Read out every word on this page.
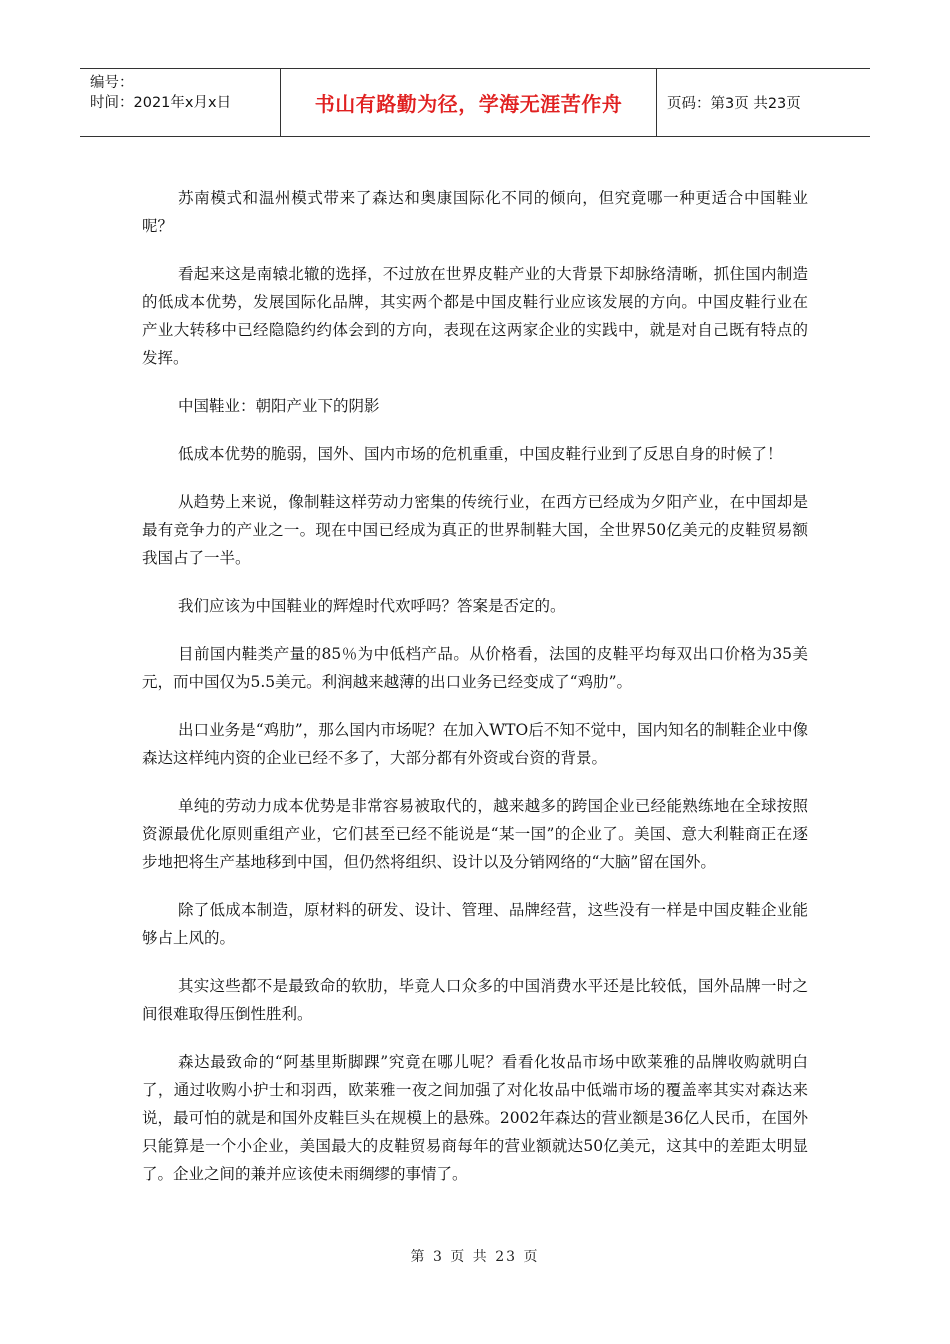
编号：
时间：2021年x月x日	书山有路勤为径，学海无涯苦作舟	页码：第3页 共23页

苏南模式和温州模式带来了森达和奥康国际化不同的倾向，但究竟哪一种更适合中国鞋业呢？

看起来这是南辕北辙的选择，不过放在世界皮鞋产业的大背景下却脉络清晰，抓住国内制造的低成本优势，发展国际化品牌，其实两个都是中国皮鞋行业应该发展的方向。中国皮鞋行业在产业大转移中已经隐隐约约体会到的方向，表现在这两家企业的实践中，就是对自己既有特点的发挥。

中国鞋业：朝阳产业下的阴影

低成本优势的脆弱，国外、国内市场的危机重重，中国皮鞋行业到了反思自身的时候了！

从趋势上来说，像制鞋这样劳动力密集的传统行业，在西方已经成为夕阳产业，在中国却是最有竞争力的产业之一。现在中国已经成为真正的世界制鞋大国，全世界50亿美元的皮鞋贸易额我国占了一半。

我们应该为中国鞋业的辉煌时代欢呼吗？答案是否定的。

目前国内鞋类产量的85％为中低档产品。从价格看，法国的皮鞋平均每双出口价格为35美元，而中国仅为5.5美元。利润越来越薄的出口业务已经变成了“鸡肋”。

出口业务是“鸡肋”，那么国内市场呢？在加入WTO后不知不觉中，国内知名的制鞋企业中像森达这样纯内资的企业已经不多了，大部分都有外资或台资的背景。

单纯的劳动力成本优势是非常容易被取代的，越来越多的跨国企业已经能熟练地在全球按照资源最优化原则重组产业，它们甚至已经不能说是“某一国”的企业了。美国、意大利鞋商正在逐步地把将生产基地移到中国，但仍然将组织、设计以及分销网络的“大脑”留在国外。

除了低成本制造，原材料的研发、设计、管理、品牌经营，这些没有一样是中国皮鞋企业能够占上风的。

其实这些都不是最致命的软肋，毕竟人口众多的中国消费水平还是比较低，国外品牌一时之间很难取得压倒性胜利。

森达最致命的“阿基里斯脚踝”究竟在哪儿呢？看看化妆品市场中欧莱雅的品牌收购就明白了，通过收购小护士和羽西，欧莱雅一夜之间加强了对化妆品中低端市场的覆盖率其实对森达来说，最可怕的就是和国外皮鞋巨头在规模上的悬殊。2002年森达的营业额是36亿人民币，在国外只能算是一个小企业，美国最大的皮鞋贸易商每年的营业额就达50亿美元，这其中的差距太明显了。企业之间的兼并应该使未雨绸缪的事情了。

第 3 页 共 23 页
